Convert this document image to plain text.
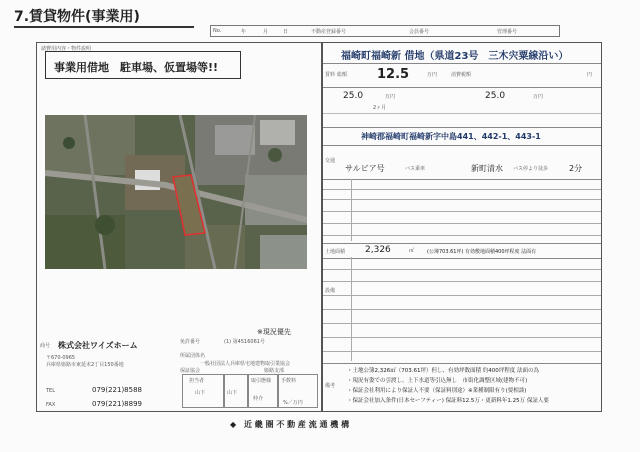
7.賃貸物件(事業用)
No.	年	月	日	不動産登録番号	会員番号	管理番号
諸費用内容・物件説明
事業用借地　駐車場、仮置場等!!
※現況優先
商号 株式会社ワイズホーム
〒670-0965
兵庫県姫路市東延末2丁目150番地
TEL	079(221)8588
FAX	079(221)8899
免許番号	(1) 第4516061号
所属団体名
一般社団法人兵庫県宅地建物取引業協会
保証協会	姫路支部
担当者
山下	山下
取引態様
仲介
手数料
%／万円
福崎町福崎新 借地（県道23号　三木宍粟線沿い）
賃料 総額 12.5	万円	消費税額	円
25.0	万円
2ヶ月
25.0	万円
神崎郡福崎町福崎新字中島441、442-1、443-1
交通
サルビア号	バス乗車	新町清水 バス停より徒歩	2分
土地面積 2,326	㎡	(公簿703.61坪) 有効敷地面積400坪程度 法面有
設備
備考
・土地公簿2,326㎡（703.61坪）但し、有効坪数面積 約400坪程度 法面の為
・現況有姿での引渡し。上下水道等引込無し　市街化調整区域(建物不可)
・保証会社利用により保証人不要（保証料別途）※業種制限有り(要相談)
・保証会社加入条件(日本セーフティー) 保証料12.5万・更新料年1.25万 保証人要
◆ 近 畿 圏 不 動 産 流 通 機 構
